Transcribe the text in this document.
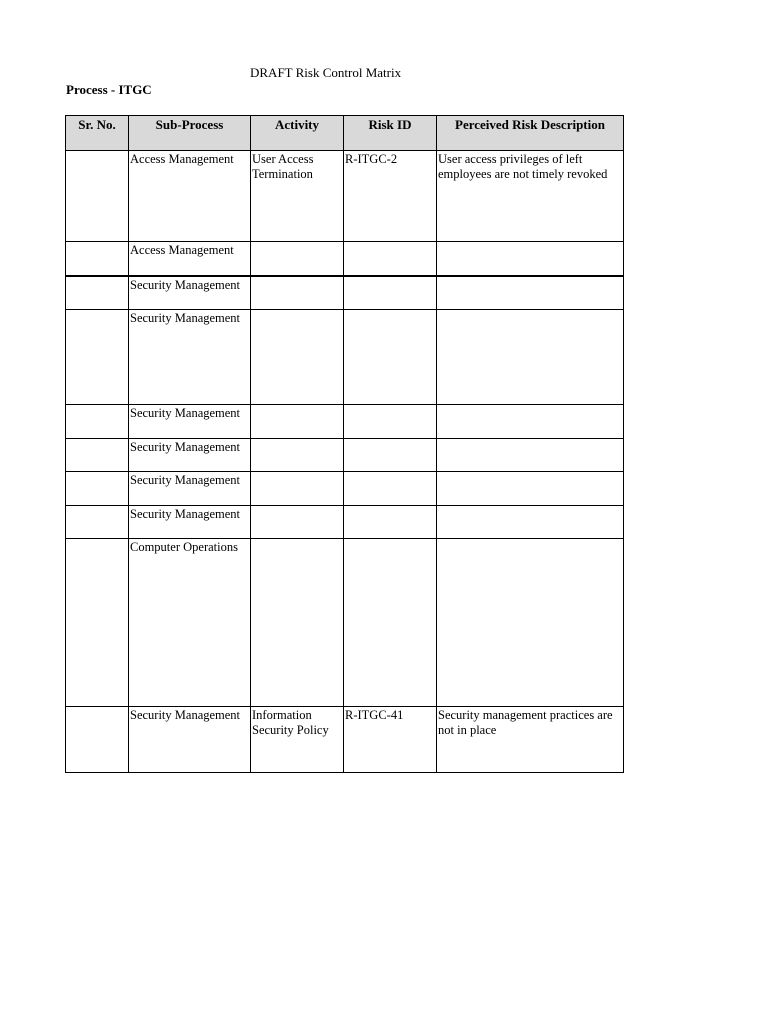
DRAFT Risk Control Matrix
Process - ITGC
Sr. No.	Sub-Process	Activity	Risk ID	Perceived Risk Description
	Access Management	User Access Termination	R-ITGC-2	User access privileges of left employees are not timely revoked
	Access Management			
	Security Management			
	Security Management			
	Security Management			
	Security Management			
	Security Management			
	Security Management			
	Computer Operations			
	Security Management	Information Security Policy	R-ITGC-41	Security management practices are not in place
